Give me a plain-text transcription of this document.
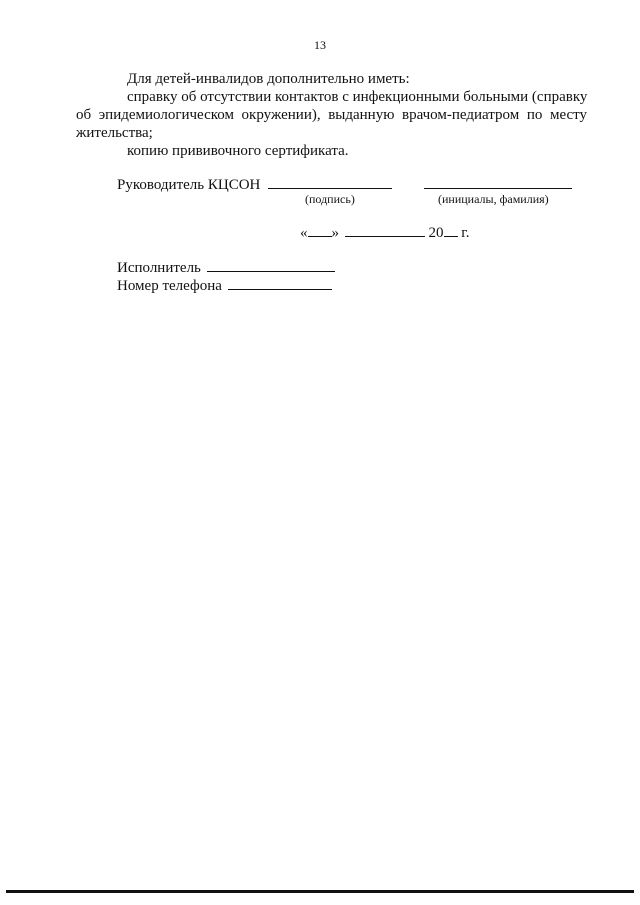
13
Для детей-инвалидов дополнительно иметь:
справку об отсутствии контактов с инфекционными больными (справку
об эпидемиологическом окружении), выданную врачом-педиатром по месту
жительства;
копию прививочного сертификата.
Руководитель КЦСОН
(подпись)	(инициалы, фамилия)
« »	20 г.
Исполнитель
Номер телефона
